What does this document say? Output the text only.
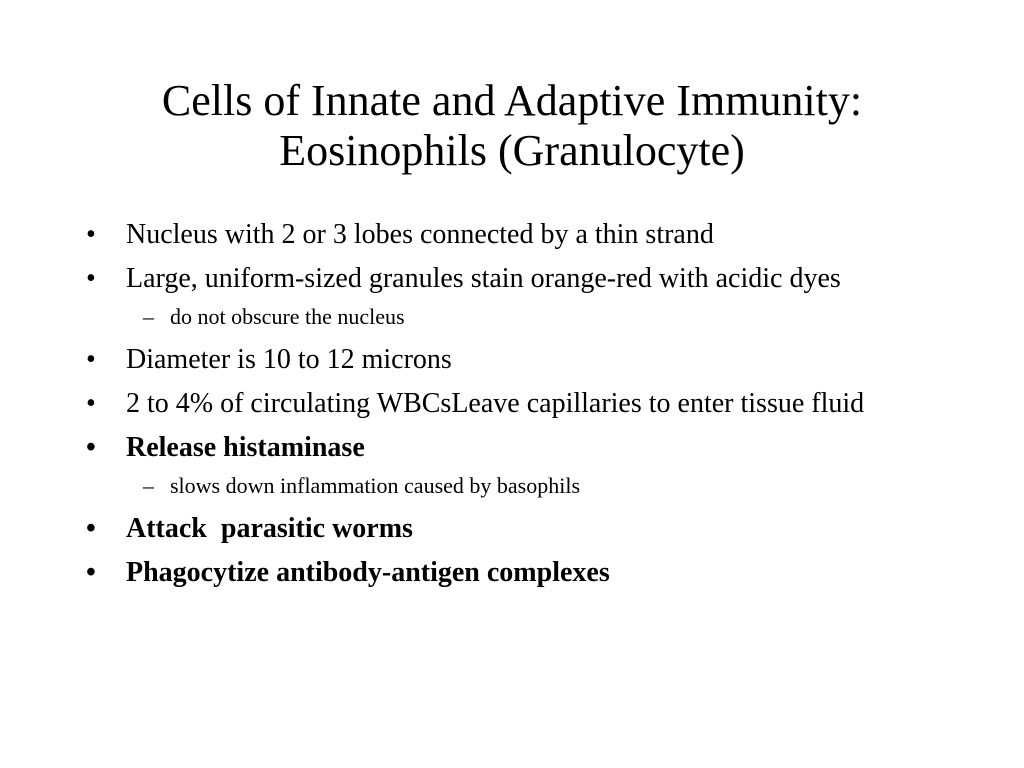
Cells of Innate and Adaptive Immunity:
Eosinophils (Granulocyte)
• Nucleus with 2 or 3 lobes connected by a thin strand
• Large, uniform-sized granules stain orange-red with acidic dyes
– do not obscure the nucleus
• Diameter is 10 to 12 microns
• 2 to 4% of circulating WBCsLeave capillaries to enter tissue fluid
• Release histaminase
– slows down inflammation caused by basophils
• Attack  parasitic worms
• Phagocytize antibody-antigen complexes
